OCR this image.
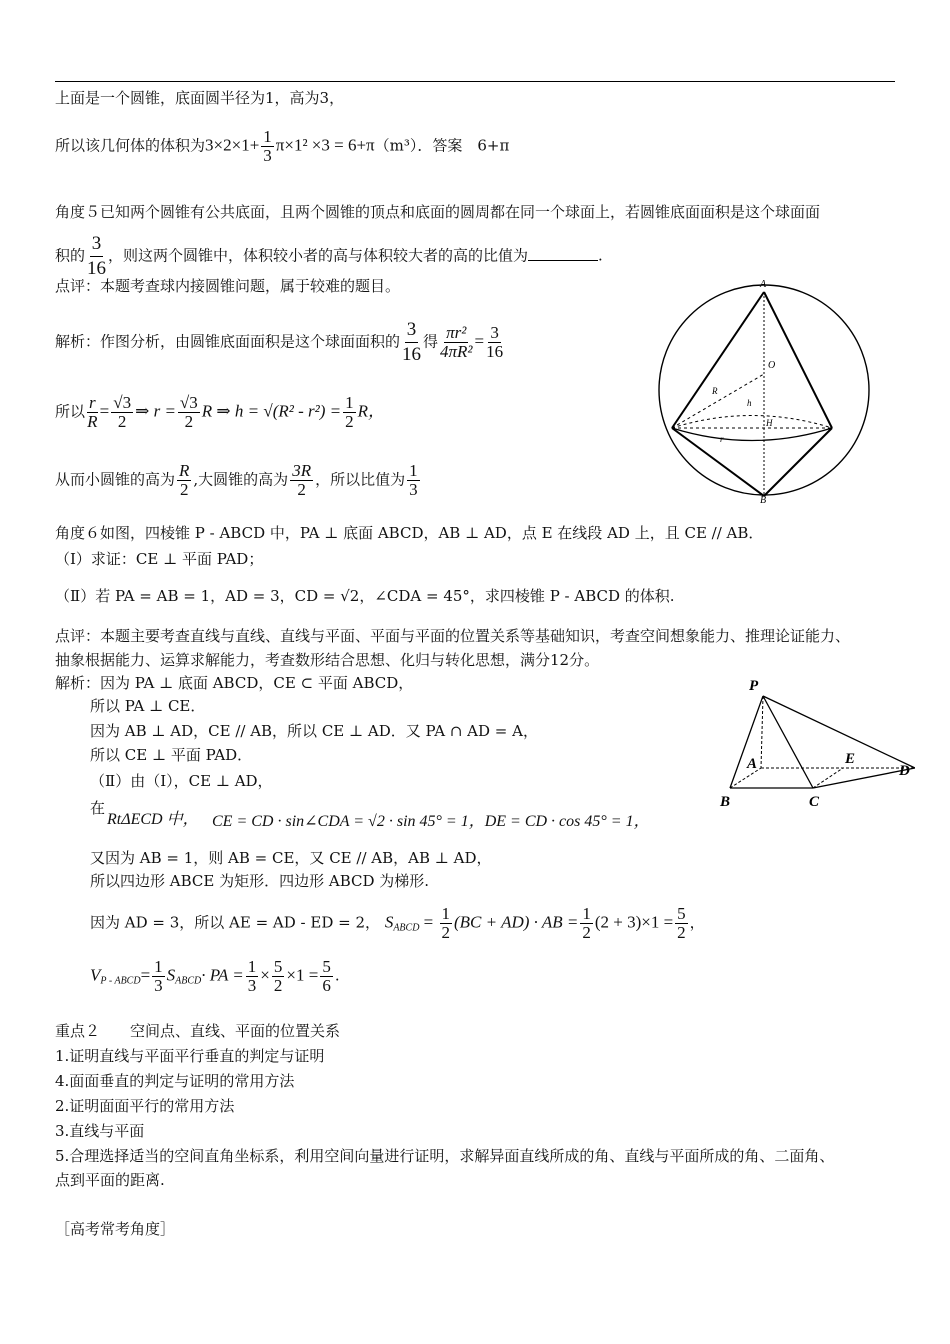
上面是一个圆锥，底面圆半径为1，高为3，
所以该几何体的体积为$3\times 2\times 1+ \frac{1}{3} \pi\times 1^2 \times 3 = 6+\pi(m^3)$．答案　6+π
角度５已知两个圆锥有公共底面，且两个圆锥的顶点和底面的圆周都在同一个球面上，若圆锥底面面积是这个球面面
积的 $\frac{3}{16}$ ，则这两个圆锥中，体积较小者的高与体积较大者的高的比值为	.
点评：本题考查球内接圆锥问题，属于较难的题目。
解析：作图分析，由圆锥底面面积是这个球面面积的 $\frac{3}{16}$ 得 $\frac{\text{πr²}}{\text{4πR²}} = \frac{3}{16}$
所以 $\frac{r}{R} = \frac{√3}{2}$ ⇒ $r = \frac{√3}{2}$ R ⇒ $h = √(R^2 - r^2) = \frac{1}{2}$ R，
从而小圆锥的高为 $\frac{R}{2}$ ,大圆锥的高为 $\frac{3R}{2}$ ，所以比值为 $\frac{1}{3}$
A
O
R
h
H
r
B
角度６如图，四棱锥 P - ABCD 中，PA ⊥ 底面 ABCD，AB ⊥ AD，点 E 在线段 AD 上，且 CE // AB．
（Ⅰ）求证：CE ⊥ 平面 PAD；
（Ⅱ）若 PA = AB = 1，AD = 3，CD = √2，∠CDA = 45°，求四棱锥 P - ABCD 的体积.
点评：本题主要考查直线与直线、直线与平面、平面与平面的位置关系等基础知识，考查空间想象能力、推理论证能力、
抽象根据能力、运算求解能力，考查数形结合思想、化归与转化思想，满分12分。
解析：因为 PA ⊥ 底面 ABCD，CE ⊂ 平面 ABCD，
所以 PA ⊥ CE．
因为 AB ⊥ AD，CE // AB，所以 CE ⊥ AD．又 PA ∩ AD = A，
所以 CE ⊥ 平面 PAD．
（Ⅱ）由（Ⅰ），CE ⊥ AD，
在
RtΔECD 中， CE = CD · sin∠CDA = √2 · sin 45° = 1，DE = CD · cos 45° = 1，
又因为 AB = 1，则 AB = CE，又 CE // AB，AB ⊥ AD，
所以四边形 ABCE 为矩形．四边形 ABCD 为梯形.
因为 AD = 3，所以 AE = AD - ED = 2， $S_{ABCD} = \frac{1}{2} (BC + AD)$ · AB = $\frac{1}{2} (2 + 3)\times 1 = \frac{5}{2}$ ，
$V_{P - ABCD}= \frac{1}{3} S_{ABCD}\cdot$ PA = $\frac{1}{3} \times \frac{5}{2} \times 1 = \frac{5}{6}$ .
P
A
B	C
D
E
重点２　　空间点、直线、平面的位置关系
1.证明直线与平面平行垂直的判定与证明
4.面面垂直的判定与证明的常用方法
2.证明面面平行的常用方法
3.直线与平面
5.合理选择适当的空间直角坐标系，利用空间向量进行证明，求解异面直线所成的角、直线与平面所成的角、二面角、
点到平面的距离.
［高考常考角度］
